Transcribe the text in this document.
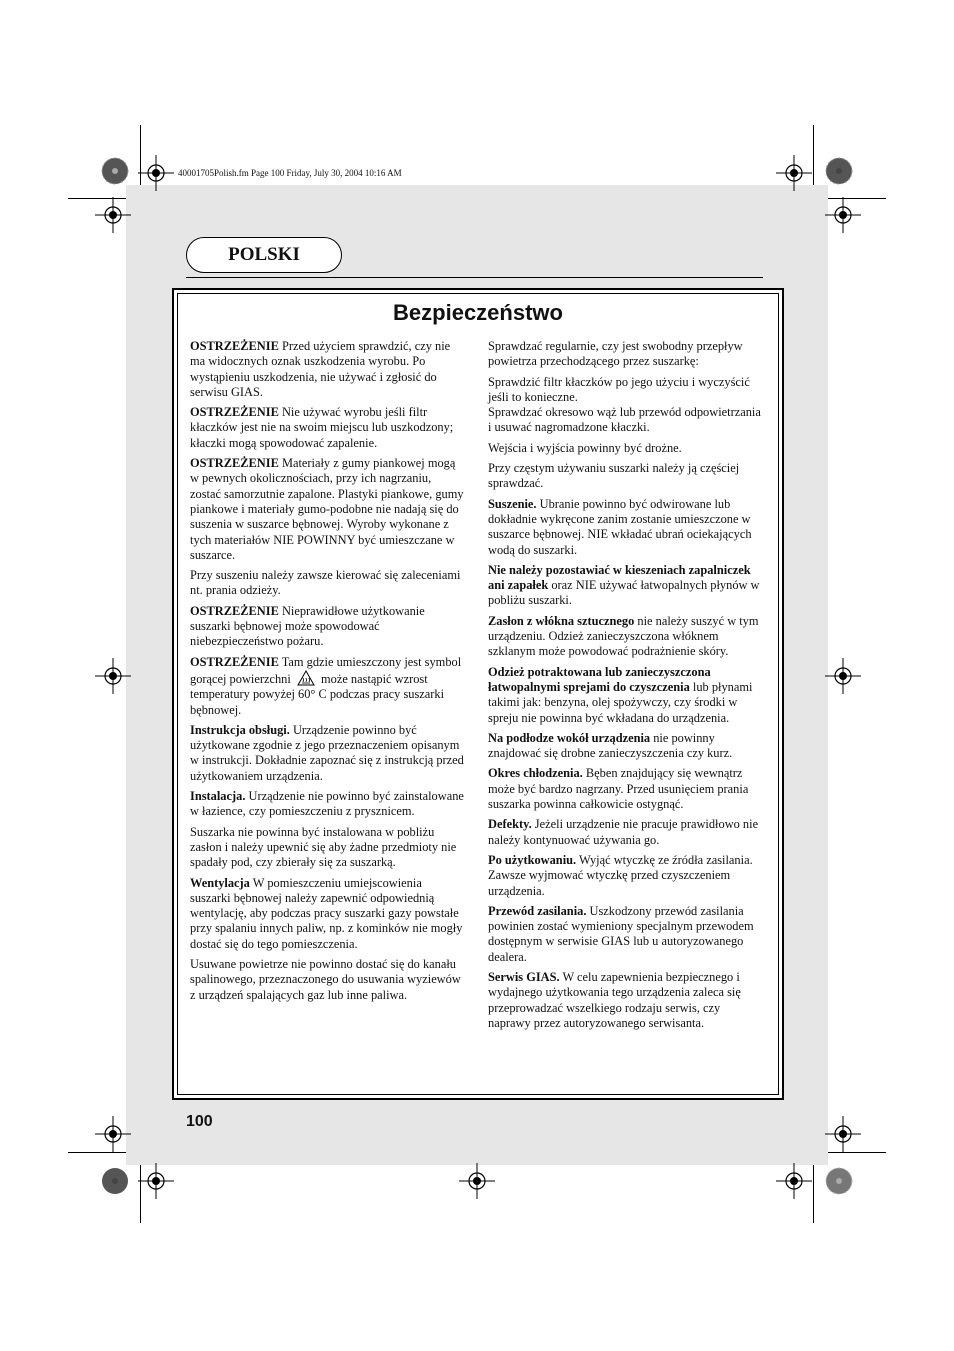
40001705Polish.fm Page 100 Friday, July 30, 2004 10:16 AM
POLSKI
Bezpieczeństwo

OSTRZEŻENIE Przed użyciem sprawdzić, czy nie ma widocznych oznak uszkodzenia wyrobu. Po wystąpieniu uszkodzenia, nie używać i zgłosić do serwisu GIAS.

OSTRZEŻENIE Nie używać wyrobu jeśli filtr kłaczków jest nie na swoim miejscu lub uszkodzony; kłaczki mogą spowodować zapalenie.

OSTRZEŻENIE Materiały z gumy piankowej mogą w pewnych okolicznościach, przy ich nagrzaniu, zostać samorzutnie zapalone. Plastyki piankowe, gumy piankowe i materiały gumo-podobne nie nadają się do suszenia w suszarce bębnowej. Wyroby wykonane z tych materiałów NIE POWINNY być umieszczane w suszarce.

Przy suszeniu należy zawsze kierować się zaleceniami nt. prania odzieży.

OSTRZEŻENIE Nieprawidłowe użytkowanie suszarki bębnowej może spowodować niebezpieczeństwo pożaru.

OSTRZEŻENIE Tam gdzie umieszczony jest symbol gorącej powierzchni  może nastąpić wzrost temperatury powyżej 60° C podczas pracy suszarki bębnowej.

Instrukcja obsługi. Urządzenie powinno być użytkowane zgodnie z jego przeznaczeniem opisanym w instrukcji. Dokładnie zapoznać się z instrukcją przed użytkowaniem urządzenia.

Instalacja. Urządzenie nie powinno być zainstalowane w łazience, czy pomieszczeniu z prysznicem.

Suszarka nie powinna być instalowana w pobliżu zasłon i należy upewnić się aby żadne przedmioty nie spadały pod, czy zbierały się za suszarką.

Wentylacja W pomieszczeniu umiejscowienia suszarki bębnowej należy zapewnić odpowiednią wentylację, aby podczas pracy suszarki gazy powstałe przy spalaniu innych paliw, np. z kominków nie mogły dostać się do tego pomieszczenia.

Usuwane powietrze nie powinno dostać się do kanału spalinowego, przeznaczonego do usuwania wyziewów z urządzeń spalających gaz lub inne paliwa.

Sprawdzać regularnie, czy jest swobodny przepływ powietrza przechodzącego przez suszarkę:

Sprawdzić filtr kłaczków po jego użyciu i wyczyścić jeśli to konieczne.
Sprawdzać okresowo wąż lub przewód odpowietrzania i usuwać nagromadzone kłaczki.

Wejścia i wyjścia powinny być drożne.

Przy częstym używaniu suszarki należy ją częściej sprawdzać.

Suszenie. Ubranie powinno być odwirowane lub dokładnie wykręcone zanim zostanie umieszczone w suszarce bębnowej. NIE wkładać ubrań ociekających wodą do suszarki.

Nie należy pozostawiać w kieszeniach zapalniczek ani zapałek oraz NIE używać łatwopalnych płynów w pobliżu suszarki.

Zasłon z włókna sztucznego nie należy suszyć w tym urządzeniu. Odzież zanieczyszczona włóknem szklanym może powodować podrażnienie skóry.

Odzież potraktowana lub zanieczyszczona łatwopalnymi sprejami do czyszczenia lub płynami takimi jak: benzyna, olej spożywczy, czy środki w spreju nie powinna być wkładana do urządzenia.

Na podłodze wokół urządzenia nie powinny znajdować się drobne zanieczyszczenia czy kurz.

Okres chłodzenia. Bęben znajdujący się wewnątrz może być bardzo nagrzany. Przed usunięciem prania suszarka powinna całkowicie ostygnąć.

Defekty. Jeżeli urządzenie nie pracuje prawidłowo nie należy kontynuować używania go.

Po użytkowaniu. Wyjąć wtyczkę ze źródła zasilania. Zawsze wyjmować wtyczkę przed czyszczeniem urządzenia.

Przewód zasilania. Uszkodzony przewód zasilania powinien zostać wymieniony specjalnym przewodem dostępnym w serwisie GIAS lub u autoryzowanego dealera.

Serwis GIAS. W celu zapewnienia bezpiecznego i wydajnego użytkowania tego urządzenia zaleca się przeprowadzać wszelkiego rodzaju serwis, czy naprawy przez autoryzowanego serwisanta.

100
